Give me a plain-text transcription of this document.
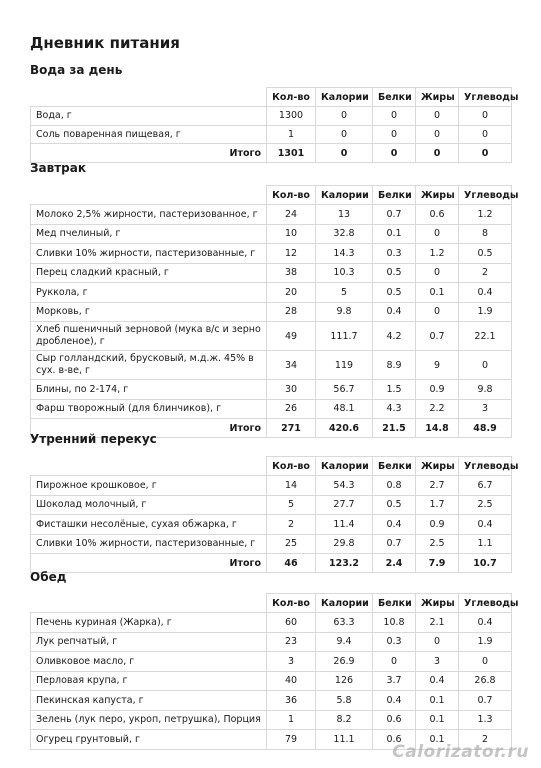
Дневник питания
Вода за день
	Кол-во	Калории	Белки	Жиры	Углеводы
Вода, г	1300	0	0	0	0
Соль поваренная пищевая, г	1	0	0	0	0
Итого	1301	0	0	0	0
Завтрак
	Кол-во	Калории	Белки	Жиры	Углеводы
Молоко 2,5% жирности, пастеризованное, г	24	13	0.7	0.6	1.2
Мед пчелиный, г	10	32.8	0.1	0	8
Сливки 10% жирности, пастеризованные, г	12	14.3	0.3	1.2	0.5
Перец сладкий красный, г	38	10.3	0.5	0	2
Руккола, г	20	5	0.5	0.1	0.4
Морковь, г	28	9.8	0.4	0	1.9
Хлеб пшеничный зерновой (мука в/с и зерно дробленое), г	49	111.7	4.2	0.7	22.1
Сыр голландский, брусковый, м.д.ж. 45% в сух. в-ве, г	34	119	8.9	9	0
Блины, по 2-174, г	30	56.7	1.5	0.9	9.8
Фарш творожный (для блинчиков), г	26	48.1	4.3	2.2	3
Итого	271	420.6	21.5	14.8	48.9
Утренний перекус
	Кол-во	Калории	Белки	Жиры	Углеводы
Пирожное крошковое, г	14	54.3	0.8	2.7	6.7
Шоколад молочный, г	5	27.7	0.5	1.7	2.5
Фисташки несолёные, сухая обжарка, г	2	11.4	0.4	0.9	0.4
Сливки 10% жирности, пастеризованные, г	25	29.8	0.7	2.5	1.1
Итого	46	123.2	2.4	7.9	10.7
Обед
	Кол-во	Калории	Белки	Жиры	Углеводы
Печень куриная (Жарка), г	60	63.3	10.8	2.1	0.4
Лук репчатый, г	23	9.4	0.3	0	1.9
Оливковое масло, г	3	26.9	0	3	0
Перловая крупа, г	40	126	3.7	0.4	26.8
Пекинская капуста, г	36	5.8	0.4	0.1	0.7
Зелень (лук перо, укроп, петрушка), Порция	1	8.2	0.6	0.1	1.3
Огурец грунтовый, г	79	11.1	0.6	0.1	2
Calorizator.ru
